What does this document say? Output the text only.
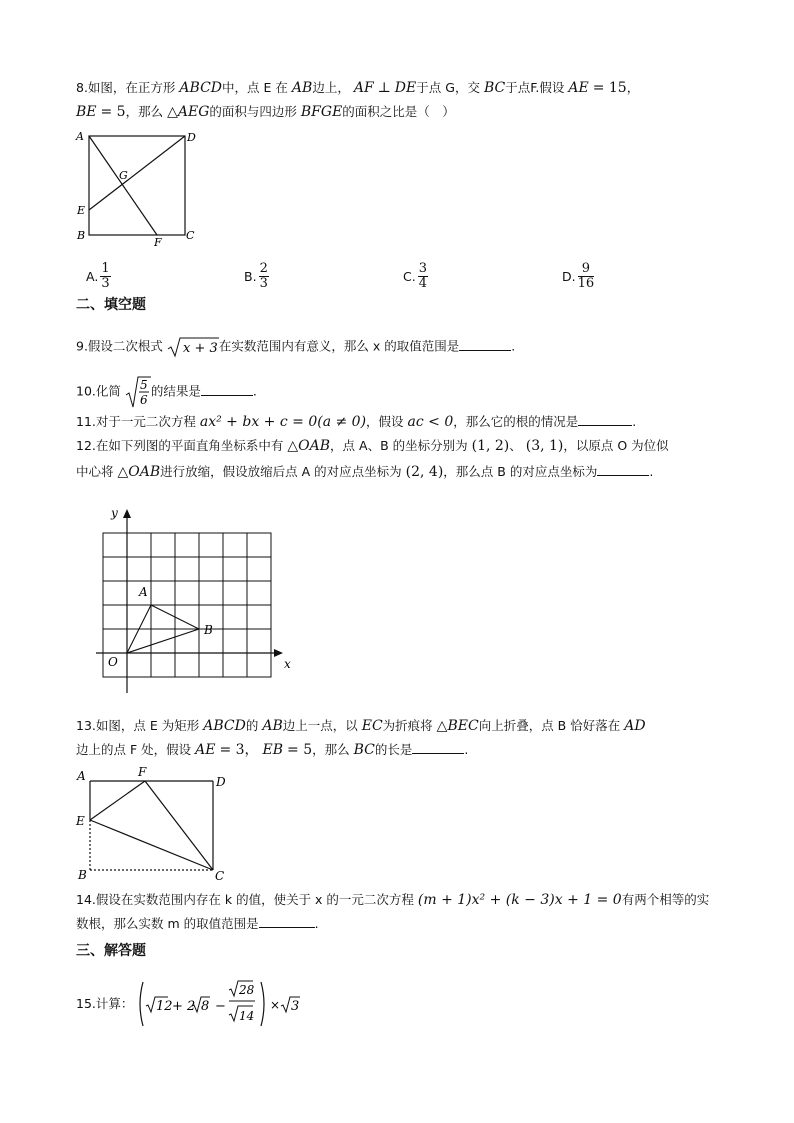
8.如图，在正方形 ABCD中，点 E 在 AB边上， AF ⊥ DE于点 G，交 BC于点F.假设 AE = 15，
BE = 5，那么 △AEG的面积与四边形 BFGE的面积之比是（　）
A	D
G
E
B	C
F
A. $\frac{1}{3}$	B. $\frac{2}{3}$	C. $\frac{3}{4}$	D. $\frac{9}{16}$
二、填空题
9.假设二次根式 x + 3 在实数范围内有意义，那么 x 的取值范围是	.
10.化简 5
6
的结果是	.
11.对于一元二次方程 ax² + bx + c = 0(a ≠ 0)，假设 ac < 0，那么它的根的情况是	.
12.在如下列图的平面直角坐标系中有 △OAB，点 A、B 的坐标分别为 (1, 2)、 (3, 1)，以原点 O 为位似
中心将 △OAB进行放缩，假设放缩后点 A 的对应点坐标为 (2, 4)，那么点 B 的对应点坐标为	.
y
x
O
A
B
13.如图，点 E 为矩形 ABCD的 AB边上一点，以 EC为折痕将 △BEC向上折叠，点 B 恰好落在 AD
边上的点 F 处，假设 AE = 3， EB = 5，那么 BC的长是	.
A	F
D
E
B	C
14.假设在实数范围内存在 k 的值，使关于 x 的一元二次方程 (m + 1)x² + (k − 3)x + 1 = 0有两个相等的实
数根，那么实数 m 的取值范围是	.
三、解答题
15.计算： 12 + 2 8 −
28
14
× 3
